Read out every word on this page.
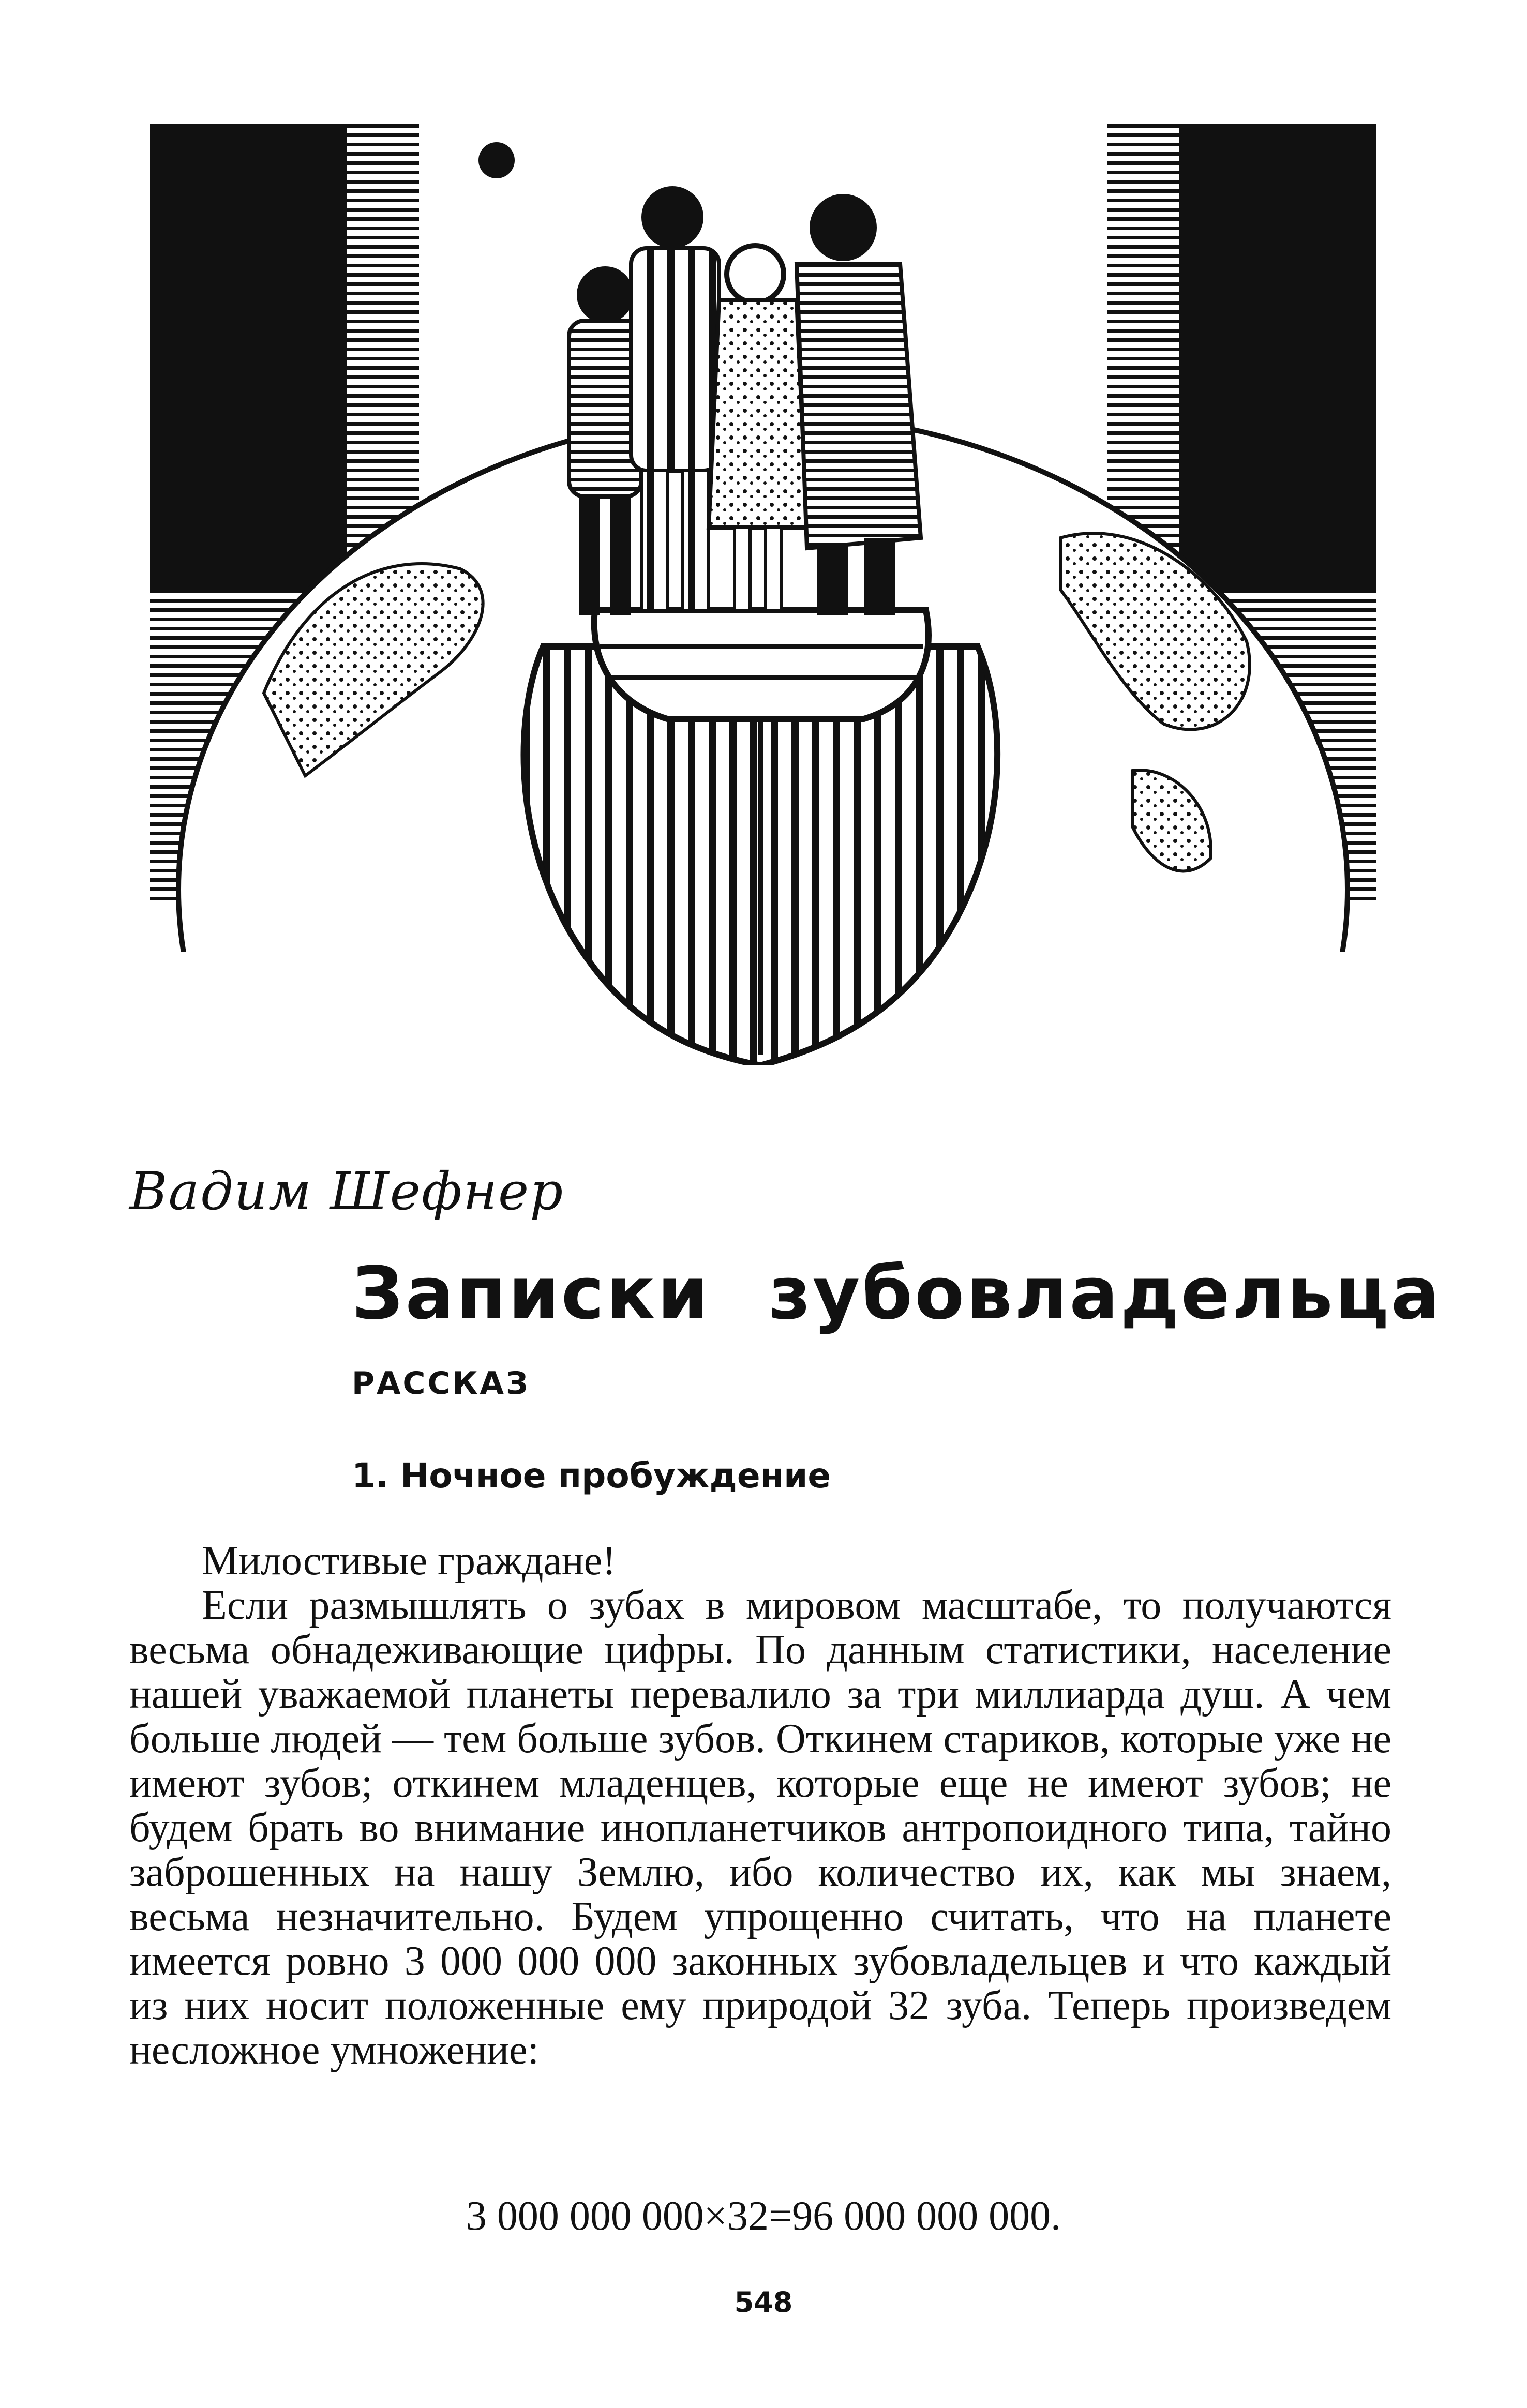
Вадим Шефнер
Записки зубовладельца
РАССКАЗ
1. Ночное пробуждение

Милостивые граждане!

Если размышлять о зубах в мировом масштабе, то получаются весьма обнадеживающие цифры. По данным статистики, население нашей уважаемой планеты перевалило за три миллиарда душ. А чем больше людей — тем больше зубов. Откинем стариков, которые уже не имеют зубов; откинем младенцев, которые еще не имеют зубов; не будем брать во внимание инопланетчиков антропоидного типа, тайно заброшенных на нашу Землю, ибо количество их, как мы знаем, весьма незначительно. Будем упрощенно считать, что на планете имеется ровно 3 000 000 000 законных зубовладельцев и что каждый из них носит положенные ему природой 32 зуба. Теперь произведем несложное умножение:

3 000 000 000×32=96 000 000 000.
548
